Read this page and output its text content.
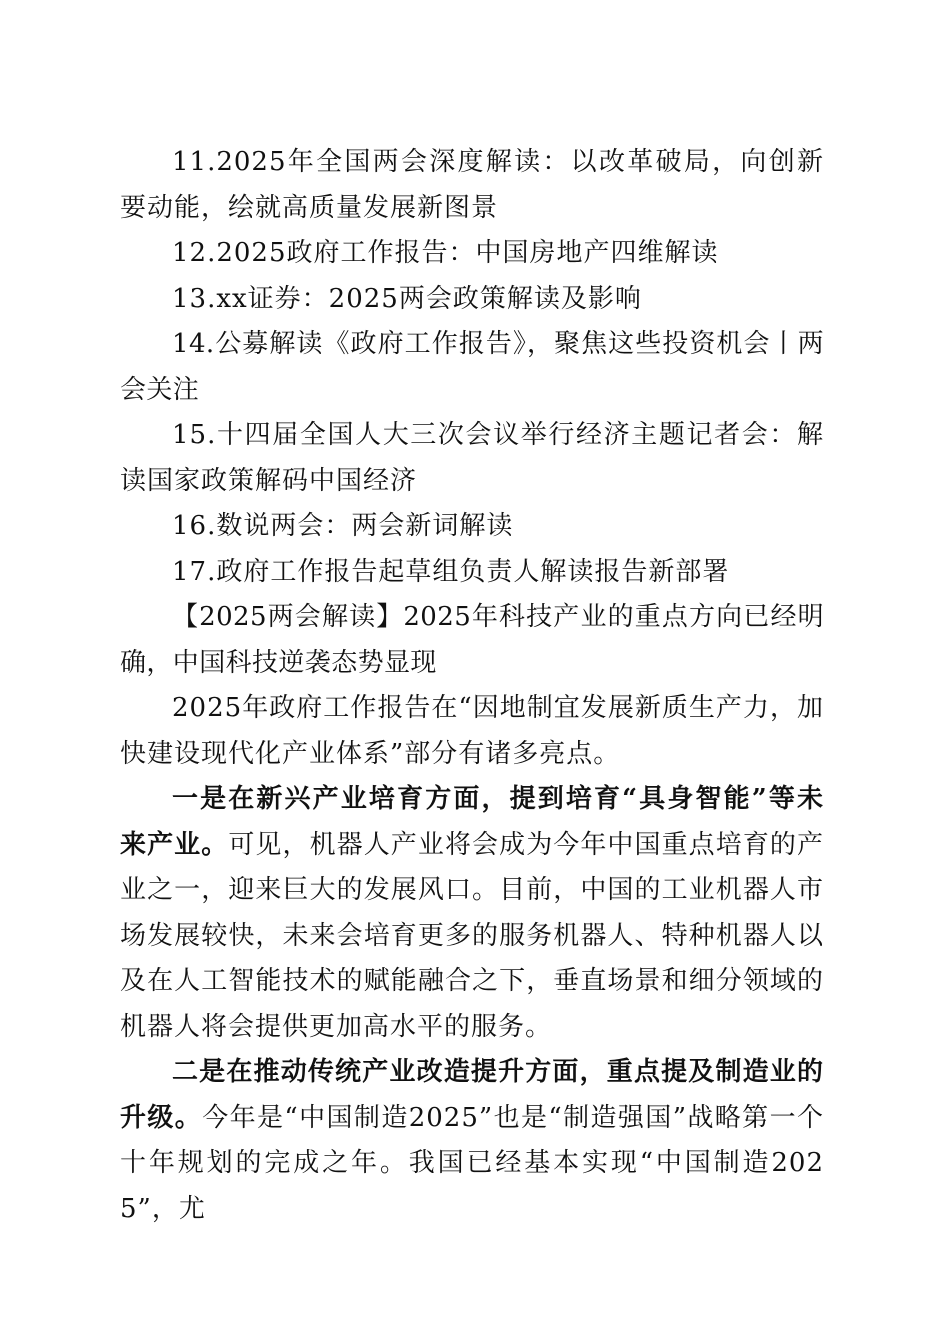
11.2025年全国两会深度解读：以改革破局，向创新要动能，绘就高质量发展新图景

12.2025政府工作报告：中国房地产四维解读

13.xx证券：2025两会政策解读及影响

14.公募解读《政府工作报告》，聚焦这些投资机会丨两会关注

15.十四届全国人大三次会议举行经济主题记者会：解读国家政策解码中国经济

16.数说两会：两会新词解读

17.政府工作报告起草组负责人解读报告新部署

【2025两会解读】2025年科技产业的重点方向已经明确，中国科技逆袭态势显现

2025年政府工作报告在“因地制宜发展新质生产力，加快建设现代化产业体系”部分有诸多亮点。

一是在新兴产业培育方面，提到培育“具身智能”等未来产业。可见，机器人产业将会成为今年中国重点培育的产业之一，迎来巨大的发展风口。目前，中国的工业机器人市场发展较快，未来会培育更多的服务机器人、特种机器人以及在人工智能技术的赋能融合之下，垂直场景和细分领域的机器人将会提供更加高水平的服务。

二是在推动传统产业改造提升方面，重点提及制造业的升级。今年是“中国制造2025”也是“制造强国”战略第一个十年规划的完成之年。我国已经基本实现“中国制造2025”，尤
